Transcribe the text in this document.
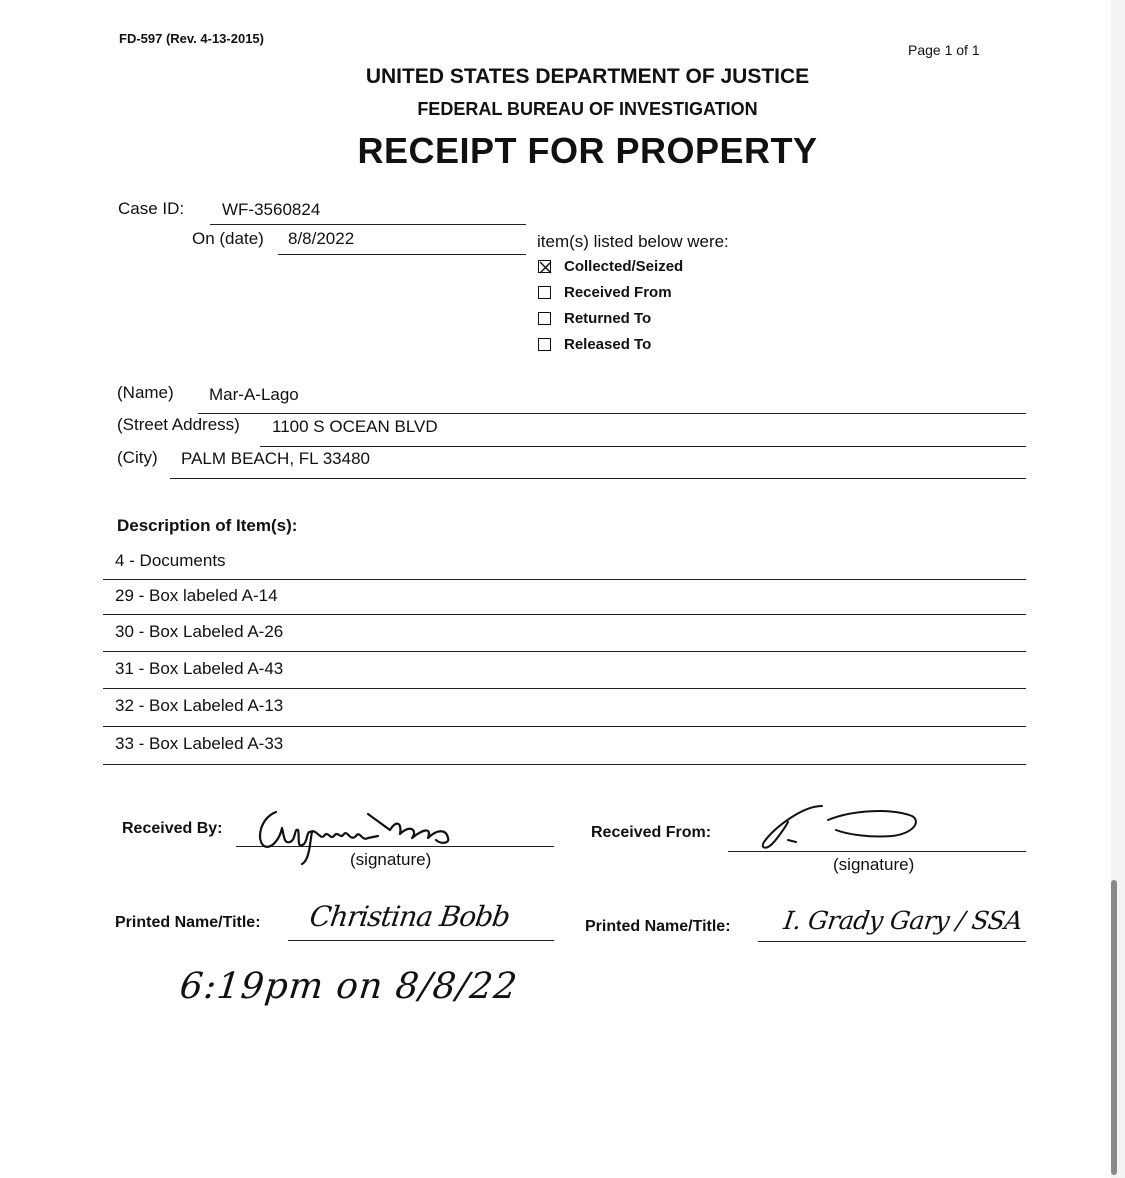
FD-597 (Rev. 4-13-2015)
Page 1 of 1
UNITED STATES DEPARTMENT OF JUSTICE
FEDERAL BUREAU OF INVESTIGATION
RECEIPT FOR PROPERTY
Case ID: WF-3560824
On (date) 8/8/2022	item(s) listed below were:
Collected/Seized
Received From
Returned To
Released To
(Name) Mar-A-Lago
(Street Address) 1100 S OCEAN BLVD
(City) PALM BEACH, FL 33480
Description of Item(s):
4 - Documents
29 - Box labeled A-14
30 - Box Labeled A-26
31 - Box Labeled A-43
32 - Box Labeled A-13
33 - Box Labeled A-33
Received By:
(signature)
Received From:
(signature)
Printed Name/Title: Christina Bobb	Printed Name/Title: I. Grady Gary / SSA
6:19pm on 8/8/22
